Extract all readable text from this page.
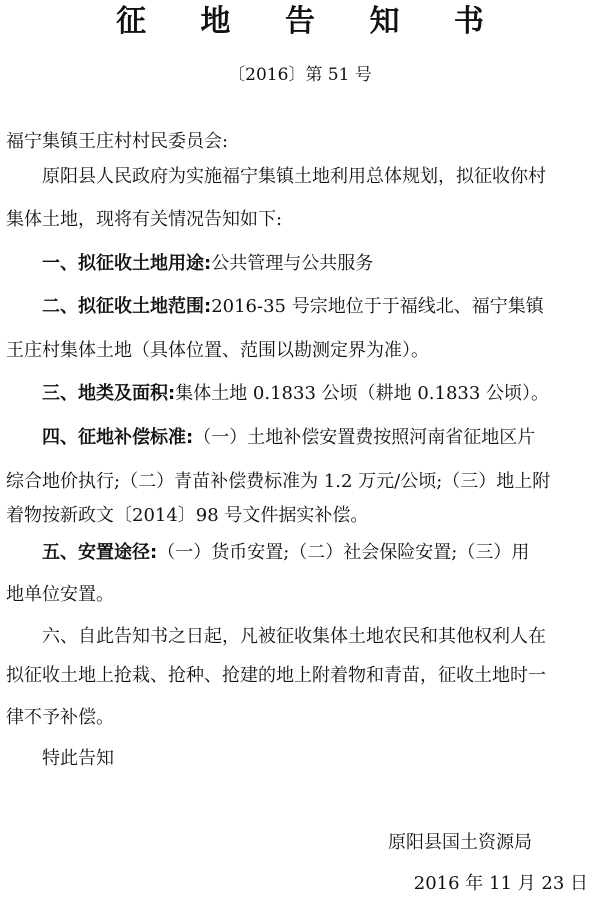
征 地 告 知 书
〔2016〕第 51 号
福宁集镇王庄村村民委员会:
原阳县人民政府为实施福宁集镇土地利用总体规划，拟征收你村
集体土地，现将有关情况告知如下:
一、拟征收土地用途:公共管理与公共服务
二、拟征收土地范围:2016-35 号宗地位于于福线北、福宁集镇
王庄村集体土地（具体位置、范围以勘测定界为准）。
三、地类及面积:集体土地 0.1833 公顷（耕地 0.1833 公顷）。
四、征地补偿标准:（一）土地补偿安置费按照河南省征地区片
综合地价执行;（二）青苗补偿费标准为 1.2 万元/公顷;（三）地上附
着物按新政文〔2014〕98 号文件据实补偿。
五、安置途径:（一）货币安置;（二）社会保险安置;（三）用
地单位安置。
六、自此告知书之日起，凡被征收集体土地农民和其他权利人在
拟征收土地上抢栽、抢种、抢建的地上附着物和青苗，征收土地时一
律不予补偿。
特此告知
原阳县国土资源局
2016 年 11 月 23 日
